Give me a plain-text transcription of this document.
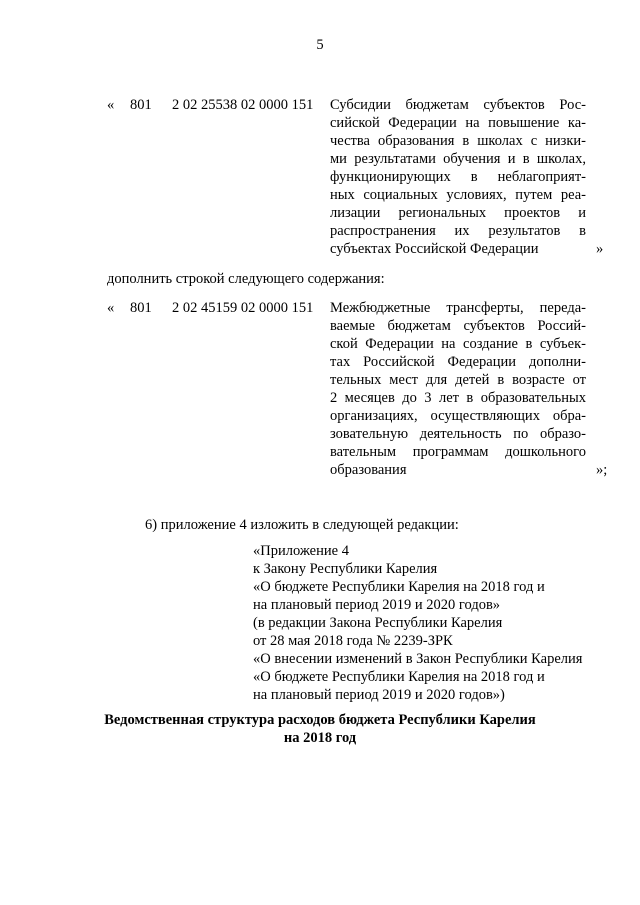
5
« 801 2 02 25538 02 0000 151 Субсидии бюджетам субъектов Рос-
сийской Федерации на повышение ка-
чества образования в школах с низки-
ми результатами обучения и в школах,
функционирующих в неблагоприят-
ных социальных условиях, путем реа-
лизации региональных проектов и
распространения их результатов в
субъектах Российской Федерации	»
дополнить строкой следующего содержания:
« 801 2 02 45159 02 0000 151 Межбюджетные трансферты, переда-
ваемые бюджетам субъектов Россий-
ской Федерации на создание в субъек-
тах Российской Федерации дополни-
тельных мест для детей в возрасте от
2 месяцев до 3 лет в образовательных
организациях, осуществляющих обра-
зовательную деятельность по образо-
вательным программам дошкольного
образования	»;
6) приложение 4 изложить в следующей редакции:
«Приложение 4
к Закону Республики Карелия
«О бюджете Республики Карелия на 2018 год и
на плановый период 2019 и 2020 годов»
(в редакции Закона Республики Карелия
от 28 мая 2018 года № 2239-ЗРК
«О внесении изменений в Закон Республики Карелия
«О бюджете Республики Карелия на 2018 год и
на плановый период 2019 и 2020 годов»)
Ведомственная структура расходов бюджета Республики Карелия
на 2018 год
